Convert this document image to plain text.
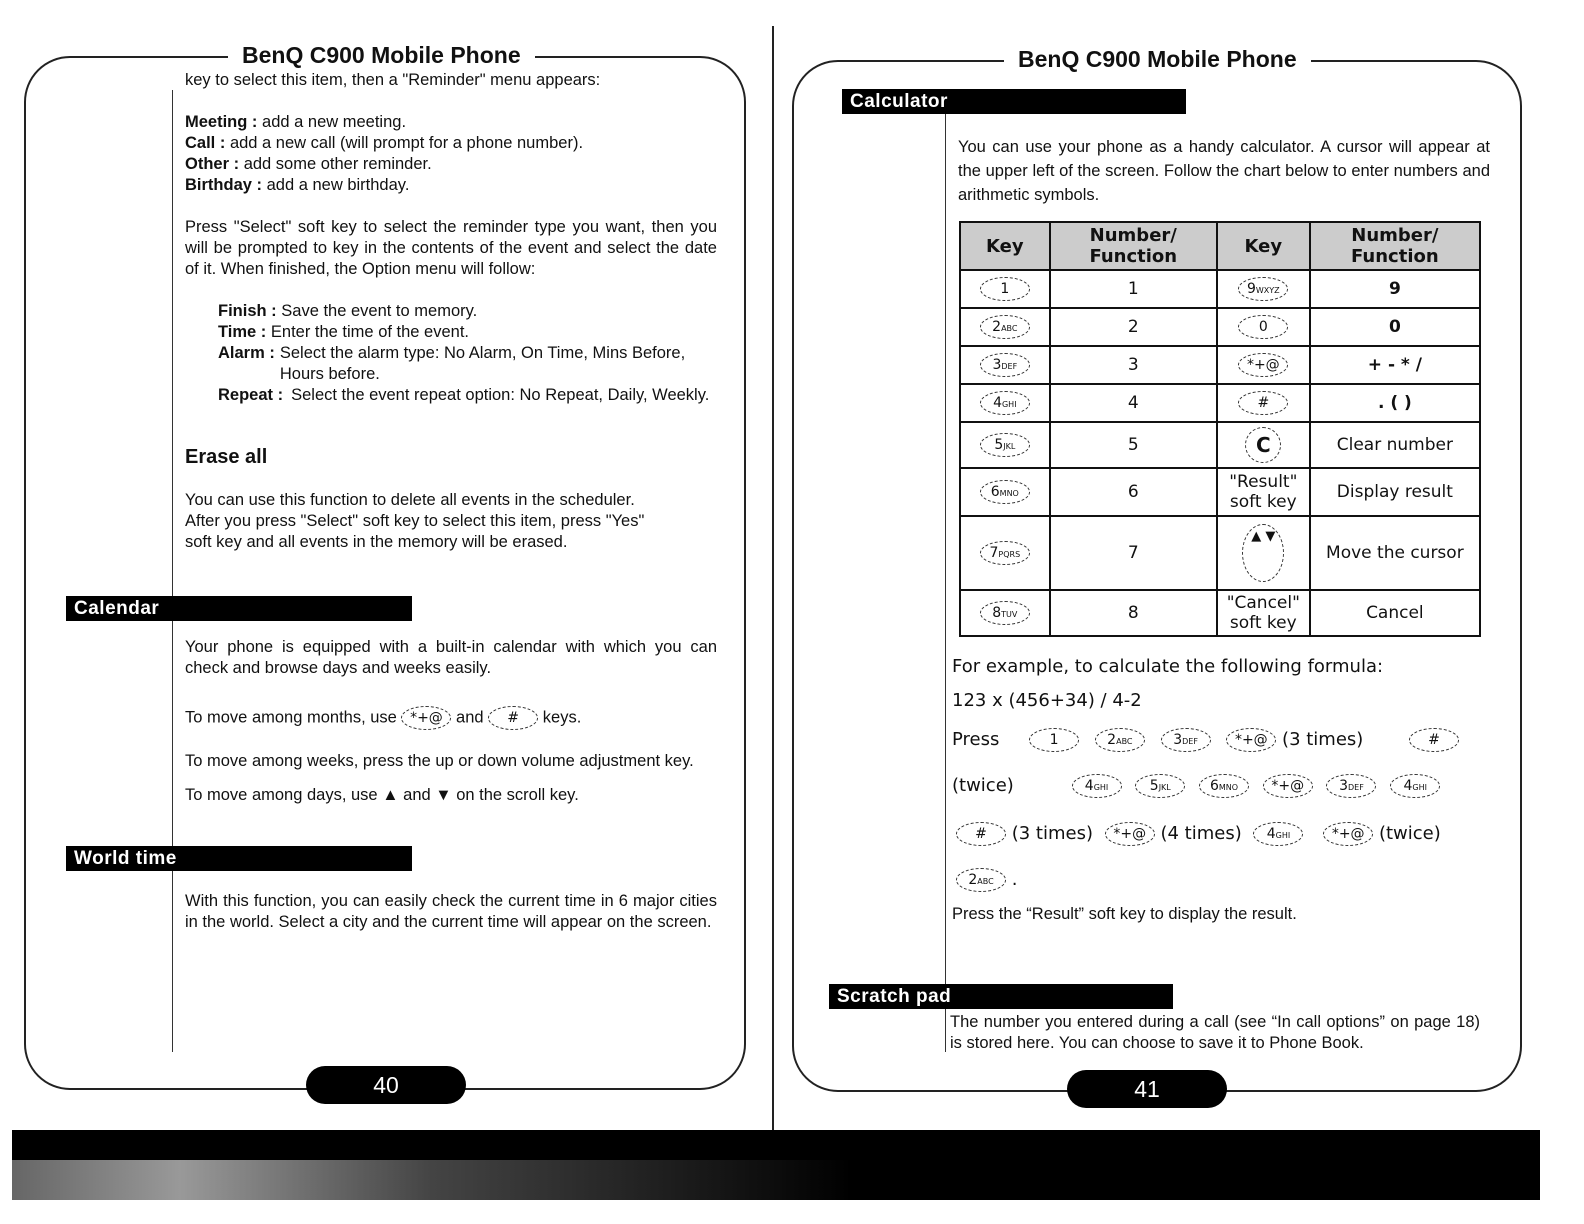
BenQ C900 Mobile Phone
key to select this item, then a "Reminder" menu appears:
Meeting : add a new meeting.
Call : add a new call (will prompt for a phone number).
Other : add some other reminder.
Birthday : add a new birthday.
Press "Select" soft key to select the reminder type you want, then you will be prompted to key in the contents of the event and select the date of it. When finished, the Option menu will follow:
Finish : Save the event to memory.
Time : Enter the time of the event.
Alarm : Select the alarm type: No Alarm, On Time, Mins Before, Hours before.
Repeat : Select the event repeat option: No Repeat, Daily, Weekly.
Erase all
You can use this function to delete all events in the scheduler.
After you press "Select" soft key to select this item, press "Yes"
soft key and all events in the memory will be erased.
Calendar
Your phone is equipped with a built-in calendar with which you can check and browse days and weeks easily.
To move among months, use *+@ and # keys.
To move among weeks, press the up or down volume adjustment key.
To move among days, use ▲ and ▼ on the scroll key.
World time
With this function, you can easily check the current time in 6 major cities in the world. Select a city and the current time will appear on the screen.
40
BenQ C900 Mobile Phone
Calculator
You can use your phone as a handy calculator. A cursor will appear at the upper left of the screen. Follow the chart below to enter numbers and arithmetic symbols.
Key	Number/ Function	Key	Number/ Function
1	1	9WXYZ	9
2ABC	2	0	0
3DEF	3	*+@	+ - * /
4GHI	4	#	. ( )
5JKL	5	C	Clear number
6MNO	6	"Result" soft key	Display result
7PQRS	7	▲ ▼	Move the cursor
8TUV	8	"Cancel" soft key	Cancel
For example, to calculate the following formula:
123 x (456+34) / 4-2
Press	1	2ABC	3DEF	*+@ (3 times)	#
(twice)	4GHI	5JKL	6MNO *+@	3DEF	4GHI
# (3 times) *+@ (4 times) 4GHI	*+@ (twice)
2ABC .
Press the “Result” soft key to display the result.
Scratch pad
The number you entered during a call (see “In call options” on page 18) is stored here. You can choose to save it to Phone Book.
41
